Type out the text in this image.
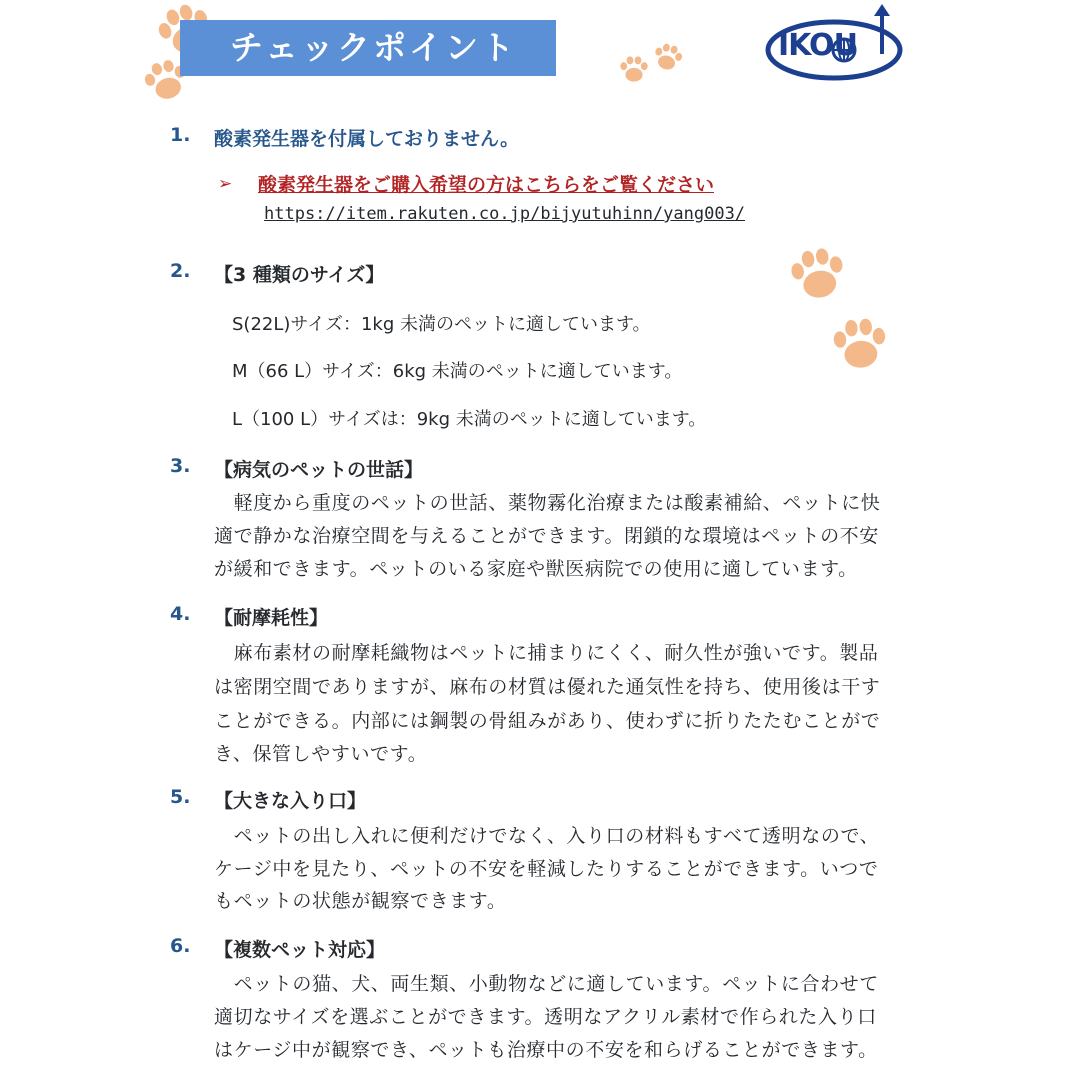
チェックポイント	IKOU
1. 酸素発生器を付属しておりません。
➢ 酸素発生器をご購入希望の方はこちらをご覧ください
https://item.rakuten.co.jp/bijyutuhinn/yang003/
2. 【3 種類のサイズ】
S(22L)サイズ：1kg 未満のペットに適しています。
M（66 L）サイズ：6kg 未満のペットに適しています。
L（100 L）サイズは：9kg 未満のペットに適しています。
3. 【病気のペットの世話】
　軽度から重度のペットの世話、薬物霧化治療または酸素補給、ペットに快
適で静かな治療空間を与えることができます。閉鎖的な環境はペットの不安
が緩和できます。ペットのいる家庭や獣医病院での使用に適しています。
4. 【耐摩耗性】
　麻布素材の耐摩耗織物はペットに捕まりにくく、耐久性が強いです。製品
は密閉空間でありますが、麻布の材質は優れた通気性を持ち、使用後は干す
ことができる。内部には鋼製の骨組みがあり、使わずに折りたたむことがで
き、保管しやすいです。
5. 【大きな入り口】
　ペットの出し入れに便利だけでなく、入り口の材料もすべて透明なので、
ケージ中を見たり、ペットの不安を軽減したりすることができます。いつで
もペットの状態が観察できます。
6. 【複数ペット対応】
　ペットの猫、犬、両生類、小動物などに適しています。ペットに合わせて
適切なサイズを選ぶことができます。透明なアクリル素材で作られた入り口
はケージ中が観察でき、ペットも治療中の不安を和らげることができます。
